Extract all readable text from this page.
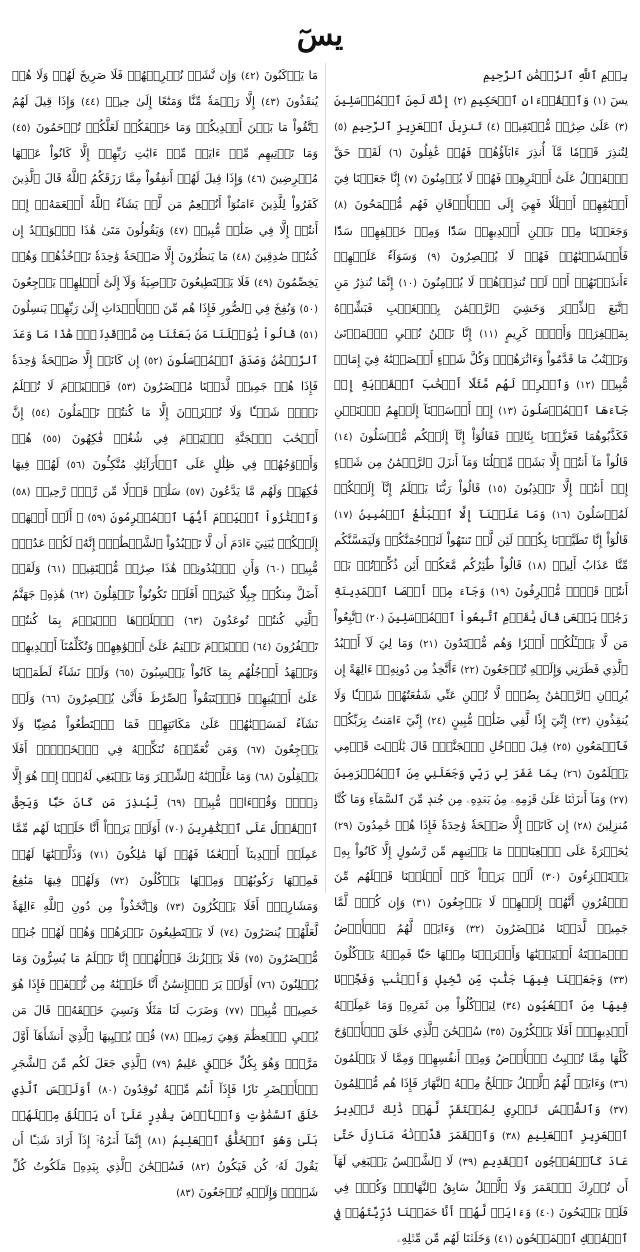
يسٓ
بِسۡمِ ٱللَّهِ ٱلرَّحۡمَٰنِ ٱلرَّحِيمِ
يسٓ (١) وَٱلۡقُرۡءَانِ ٱلۡحَكِيمِ (٢) إِنَّكَ لَمِنَ ٱلۡمُرۡسَلِينَ (٣) عَلَىٰ صِرَٰطٖ مُّسۡتَقِيمٖ (٤) تَنزِيلَ ٱلۡعَزِيزِ ٱلرَّحِيمِ (٥) لِتُنذِرَ قَوۡمٗا مَّآ أُنذِرَ ءَابَآؤُهُمۡ فَهُمۡ غَٰفِلُونَ (٦) لَقَدۡ حَقَّ ٱلۡقَوۡلُ عَلَىٰٓ أَكۡثَرِهِمۡ فَهُمۡ لَا يُؤۡمِنُونَ (٧) إِنَّا جَعَلۡنَا فِيٓ أَعۡنَٰقِهِمۡ أَغۡلَٰلٗا فَهِيَ إِلَى ٱلۡأَذۡقَانِ فَهُم مُّقۡمَحُونَ (٨) وَجَعَلۡنَا مِنۢ بَيۡنِ أَيۡدِيهِمۡ سَدّٗا وَمِنۡ خَلۡفِهِمۡ سَدّٗا فَأَغۡشَيۡنَٰهُمۡ فَهُمۡ لَا يُبۡصِرُونَ (٩) وَسَوَآءٌ عَلَيۡهِمۡ ءَأَنذَرۡتَهُمۡ أَمۡ لَمۡ تُنذِرۡهُمۡ لَا يُؤۡمِنُونَ (١٠) إِنَّمَا تُنذِرُ مَنِ ٱتَّبَعَ ٱلذِّكۡرَ وَخَشِيَ ٱلرَّحۡمَٰنَ بِٱلۡغَيۡبِ فَبَشِّرۡهُ بِمَغۡفِرَةٖ وَأَجۡرٖ كَرِيمٍ (١١) إِنَّا نَحۡنُ نُحۡيِ ٱلۡمَوۡتَىٰ وَنَكۡتُبُ مَا قَدَّمُواْ وَءَاثَٰرَهُمۡۚ وَكُلَّ شَيۡءٍ أَحۡصَيۡنَٰهُ فِيٓ إِمَامٖ مُّبِينٖ (١٢) وَٱضۡرِبۡ لَهُم مَّثَلًا أَصۡحَٰبَ ٱلۡقَرۡيَةِ إِذۡ جَآءَهَا ٱلۡمُرۡسَلُونَ (١٣) إِذۡ أَرۡسَلۡنَآ إِلَيۡهِمُ ٱثۡنَيۡنِ فَكَذَّبُوهُمَا فَعَزَّزۡنَا بِثَالِثٖ فَقَالُوٓاْ إِنَّآ إِلَيۡكُم مُّرۡسَلُونَ (١٤) قَالُواْ مَآ أَنتُمۡ إِلَّا بَشَرٞ مِّثۡلُنَا وَمَآ أَنزَلَ ٱلرَّحۡمَٰنُ مِن شَيۡءٍ إِنۡ أَنتُمۡ إِلَّا تَكۡذِبُونَ (١٥) قَالُواْ رَبُّنَا يَعۡلَمُ إِنَّآ إِلَيۡكُمۡ لَمُرۡسَلُونَ (١٦) وَمَا عَلَيۡنَآ إِلَّا ٱلۡبَلَٰغُ ٱلۡمُبِينُ (١٧) قَالُوٓاْ إِنَّا تَطَيَّرۡنَا بِكُمۡۖ لَئِن لَّمۡ تَنتَهُواْ لَنَرۡجُمَنَّكُمۡ وَلَيَمَسَّنَّكُم مِّنَّا عَذَابٌ أَلِيمٞ (١٨) قَالُواْ طَٰٓئِرُكُم مَّعَكُمۡ أَئِن ذُكِّرۡتُمۚ بَلۡ أَنتُمۡ قَوۡمٞ مُّسۡرِفُونَ (١٩) وَجَآءَ مِنۡ أَقۡصَا ٱلۡمَدِينَةِ رَجُلٞ يَسۡعَىٰ قَالَ يَٰقَوۡمِ ٱتَّبِعُواْ ٱلۡمُرۡسَلِينَ (٢٠) ٱتَّبِعُواْ مَن لَّا يَسۡـَٔلُكُمۡ أَجۡرٗا وَهُم مُّهۡتَدُونَ (٢١) وَمَا لِيَ لَآ أَعۡبُدُ ٱلَّذِي فَطَرَنِي وَإِلَيۡهِ تُرۡجَعُونَ (٢٢) ءَأَتَّخِذُ مِن دُونِهِۦٓ ءَالِهَةً إِن يُرِدۡنِ ٱلرَّحۡمَٰنُ بِضُرّٖ لَّا تُغۡنِ عَنِّي شَفَٰعَتُهُمۡ شَيۡـٔٗا وَلَا يُنقِذُونِ (٢٣) إِنِّيٓ إِذٗا لَّفِي ضَلَٰلٖ مُّبِينٍ (٢٤) إِنِّيٓ ءَامَنتُ بِرَبِّكُمۡ فَٱسۡمَعُونِ (٢٥) قِيلَ ٱدۡخُلِ ٱلۡجَنَّةَۖ قَالَ يَٰلَيۡتَ قَوۡمِي يَعۡلَمُونَ (٢٦) بِمَا غَفَرَ لِي رَبِّي وَجَعَلَنِي مِنَ ٱلۡمُكۡرَمِينَ (٢٧) وَمَآ أَنزَلۡنَا عَلَىٰ قَوۡمِهِۦ مِنۢ بَعۡدِهِۦ مِن جُندٖ مِّنَ ٱلسَّمَآءِ وَمَا كُنَّا مُنزِلِينَ (٢٨) إِن كَانَتۡ إِلَّا صَيۡحَةٗ وَٰحِدَةٗ فَإِذَا هُمۡ خَٰمِدُونَ (٢٩) يَٰحَسۡرَةً عَلَى ٱلۡعِبَادِۚ مَا يَأۡتِيهِم مِّن رَّسُولٍ إِلَّا كَانُواْ بِهِۦ يَسۡتَهۡزِءُونَ (٣٠) أَلَمۡ يَرَوۡاْ كَمۡ أَهۡلَكۡنَا قَبۡلَهُم مِّنَ ٱلۡقُرُونِ أَنَّهُمۡ إِلَيۡهِمۡ لَا يَرۡجِعُونَ (٣١) وَإِن كُلّٞ لَّمَّا جَمِيعٞ لَّدَيۡنَا مُحۡضَرُونَ (٣٢) وَءَايَةٞ لَّهُمُ ٱلۡأَرۡضُ ٱلۡمَيۡتَةُ أَحۡيَيۡنَٰهَا وَأَخۡرَجۡنَا مِنۡهَا حَبّٗا فَمِنۡهُ يَأۡكُلُونَ (٣٣) وَجَعَلۡنَا فِيهَا جَنَّٰتٖ مِّن نَّخِيلٖ وَأَعۡنَٰبٖ وَفَجَّرۡنَا فِيهَا مِنَ ٱلۡعُيُونِ (٣٤) لِيَأۡكُلُواْ مِن ثَمَرِهِۦ وَمَا عَمِلَتۡهُ أَيۡدِيهِمۡۚ أَفَلَا يَشۡكُرُونَ (٣٥) سُبۡحَٰنَ ٱلَّذِي خَلَقَ ٱلۡأَزۡوَٰجَ كُلَّهَا مِمَّا تُنۢبِتُ ٱلۡأَرۡضُ وَمِنۡ أَنفُسِهِمۡ وَمِمَّا لَا يَعۡلَمُونَ (٣٦) وَءَايَةٞ لَّهُمُ ٱلَّيۡلُ نَسۡلَخُ مِنۡهُ ٱلنَّهَارَ فَإِذَا هُم مُّظۡلِمُونَ (٣٧) وَٱلشَّمۡسُ تَجۡرِي لِمُسۡتَقَرّٖ لَّهَاۚ ذَٰلِكَ تَقۡدِيرُ ٱلۡعَزِيزِ ٱلۡعَلِيمِ (٣٨) وَٱلۡقَمَرَ قَدَّرۡنَٰهُ مَنَازِلَ حَتَّىٰ عَادَ كَٱلۡعُرۡجُونِ ٱلۡقَدِيمِ (٣٩) لَا ٱلشَّمۡسُ يَنۢبَغِي لَهَآ أَن تُدۡرِكَ ٱلۡقَمَرَ وَلَا ٱلَّيۡلُ سَابِقُ ٱلنَّهَارِۚ وَكُلّٞ فِي فَلَكٖ يَسۡبَحُونَ (٤٠) وَءَايَةٞ لَّهُمۡ أَنَّا حَمَلۡنَا ذُرِّيَّتَهُمۡ فِي ٱلۡفُلۡكِ ٱلۡمَشۡحُونِ (٤١) وَخَلَقۡنَا لَهُم مِّن مِّثۡلِهِۦ
مَا يَرۡكَبُونَ (٤٢) وَإِن نَّشَأۡ نُغۡرِقۡهُمۡ فَلَا صَرِيخَ لَهُمۡ وَلَا هُمۡ يُنقَذُونَ (٤٣) إِلَّا رَحۡمَةٗ مِّنَّا وَمَتَٰعًا إِلَىٰ حِينٖ (٤٤) وَإِذَا قِيلَ لَهُمُ ٱتَّقُواْ مَا بَيۡنَ أَيۡدِيكُمۡ وَمَا خَلۡفَكُمۡ لَعَلَّكُمۡ تُرۡحَمُونَ (٤٥) وَمَا تَأۡتِيهِم مِّنۡ ءَايَةٖ مِّنۡ ءَايَٰتِ رَبِّهِمۡ إِلَّا كَانُواْ عَنۡهَا مُعۡرِضِينَ (٤٦) وَإِذَا قِيلَ لَهُمۡ أَنفِقُواْ مِمَّا رَزَقَكُمُ ٱللَّهُ قَالَ ٱلَّذِينَ كَفَرُواْ لِلَّذِينَ ءَامَنُوٓاْ أَنُطۡعِمُ مَن لَّوۡ يَشَآءُ ٱللَّهُ أَطۡعَمَهُۥٓ إِنۡ أَنتُمۡ إِلَّا فِي ضَلَٰلٖ مُّبِينٖ (٤٧) وَيَقُولُونَ مَتَىٰ هَٰذَا ٱلۡوَعۡدُ إِن كُنتُمۡ صَٰدِقِينَ (٤٨) مَا يَنظُرُونَ إِلَّا صَيۡحَةٗ وَٰحِدَةٗ تَأۡخُذُهُمۡ وَهُمۡ يَخِصِّمُونَ (٤٩) فَلَا يَسۡتَطِيعُونَ تَوۡصِيَةٗ وَلَآ إِلَىٰٓ أَهۡلِهِمۡ يَرۡجِعُونَ (٥٠) وَنُفِخَ فِي ٱلصُّورِ فَإِذَا هُم مِّنَ ٱلۡأَجۡدَاثِ إِلَىٰ رَبِّهِمۡ يَنسِلُونَ (٥١) قَالُواْ يَٰوَيۡلَنَا مَنۢ بَعَثَنَا مِن مَّرۡقَدِنَاۜۗ هَٰذَا مَا وَعَدَ ٱلرَّحۡمَٰنُ وَصَدَقَ ٱلۡمُرۡسَلُونَ (٥٢) إِن كَانَتۡ إِلَّا صَيۡحَةٗ وَٰحِدَةٗ فَإِذَا هُمۡ جَمِيعٞ لَّدَيۡنَا مُحۡضَرُونَ (٥٣) فَٱلۡيَوۡمَ لَا تُظۡلَمُ نَفۡسٞ شَيۡـٔٗا وَلَا تُجۡزَوۡنَ إِلَّا مَا كُنتُمۡ تَعۡمَلُونَ (٥٤) إِنَّ أَصۡحَٰبَ ٱلۡجَنَّةِ ٱلۡيَوۡمَ فِي شُغُلٖ فَٰكِهُونَ (٥٥) هُمۡ وَأَزۡوَٰجُهُمۡ فِي ظِلَٰلٍ عَلَى ٱلۡأَرَآئِكِ مُتَّكِـُٔونَ (٥٦) لَهُمۡ فِيهَا فَٰكِهَةٞ وَلَهُم مَّا يَدَّعُونَ (٥٧) سَلَٰمٞ قَوۡلٗا مِّن رَّبّٖ رَّحِيمٖ (٥٨) وَٱمۡتَٰزُواْ ٱلۡيَوۡمَ أَيُّهَا ٱلۡمُجۡرِمُونَ (٥٩) ۞ أَلَمۡ أَعۡهَدۡ إِلَيۡكُمۡ يَٰبَنِيٓ ءَادَمَ أَن لَّا تَعۡبُدُواْ ٱلشَّيۡطَٰنَۖ إِنَّهُۥ لَكُمۡ عَدُوّٞ مُّبِينٞ (٦٠) وَأَنِ ٱعۡبُدُونِيۚ هَٰذَا صِرَٰطٞ مُّسۡتَقِيمٞ (٦١) وَلَقَدۡ أَضَلَّ مِنكُمۡ جِبِلّٗا كَثِيرًاۖ أَفَلَمۡ تَكُونُواْ تَعۡقِلُونَ (٦٢) هَٰذِهِۦ جَهَنَّمُ ٱلَّتِي كُنتُمۡ تُوعَدُونَ (٦٣) ٱصۡلَوۡهَا ٱلۡيَوۡمَ بِمَا كُنتُمۡ تَكۡفُرُونَ (٦٤) ٱلۡيَوۡمَ نَخۡتِمُ عَلَىٰٓ أَفۡوَٰهِهِمۡ وَتُكَلِّمُنَآ أَيۡدِيهِمۡ وَتَشۡهَدُ أَرۡجُلُهُم بِمَا كَانُواْ يَكۡسِبُونَ (٦٥) وَلَوۡ نَشَآءُ لَطَمَسۡنَا عَلَىٰٓ أَعۡيُنِهِمۡ فَٱسۡتَبَقُواْ ٱلصِّرَٰطَ فَأَنَّىٰ يُبۡصِرُونَ (٦٦) وَلَوۡ نَشَآءُ لَمَسَخۡنَٰهُمۡ عَلَىٰ مَكَانَتِهِمۡ فَمَا ٱسۡتَطَٰعُواْ مُضِيّٗا وَلَا يَرۡجِعُونَ (٦٧) وَمَن نُّعَمِّرۡهُ نُنَكِّسۡهُ فِي ٱلۡخَلۡقِۚ أَفَلَا يَعۡقِلُونَ (٦٨) وَمَا عَلَّمۡنَٰهُ ٱلشِّعۡرَ وَمَا يَنۢبَغِي لَهُۥٓۚ إِنۡ هُوَ إِلَّا ذِكۡرٞ وَقُرۡءَانٞ مُّبِينٞ (٦٩) لِّيُنذِرَ مَن كَانَ حَيّٗا وَيَحِقَّ ٱلۡقَوۡلُ عَلَى ٱلۡكَٰفِرِينَ (٧٠) أَوَلَمۡ يَرَوۡاْ أَنَّا خَلَقۡنَا لَهُم مِّمَّا عَمِلَتۡ أَيۡدِينَآ أَنۡعَٰمٗا فَهُمۡ لَهَا مَٰلِكُونَ (٧١) وَذَلَّلۡنَٰهَا لَهُمۡ فَمِنۡهَا رَكُوبُهُمۡ وَمِنۡهَا يَأۡكُلُونَ (٧٢) وَلَهُمۡ فِيهَا مَنَٰفِعُ وَمَشَارِبُۚ أَفَلَا يَشۡكُرُونَ (٧٣) وَٱتَّخَذُواْ مِن دُونِ ٱللَّهِ ءَالِهَةٗ لَّعَلَّهُمۡ يُنصَرُونَ (٧٤) لَا يَسۡتَطِيعُونَ نَصۡرَهُمۡ وَهُمۡ لَهُمۡ جُندٞ مُّحۡضَرُونَ (٧٥) فَلَا يَحۡزُنكَ قَوۡلُهُمۡۘ إِنَّا نَعۡلَمُ مَا يُسِرُّونَ وَمَا يُعۡلِنُونَ (٧٦) أَوَلَمۡ يَرَ ٱلۡإِنسَٰنُ أَنَّا خَلَقۡنَٰهُ مِن نُّطۡفَةٖ فَإِذَا هُوَ خَصِيمٞ مُّبِينٞ (٧٧) وَضَرَبَ لَنَا مَثَلٗا وَنَسِيَ خَلۡقَهُۥۖ قَالَ مَن يُحۡيِ ٱلۡعِظَٰمَ وَهِيَ رَمِيمٞ (٧٨) قُلۡ يُحۡيِيهَا ٱلَّذِيٓ أَنشَأَهَآ أَوَّلَ مَرَّةٖۖ وَهُوَ بِكُلِّ خَلۡقٍ عَلِيمٌ (٧٩) ٱلَّذِي جَعَلَ لَكُم مِّنَ ٱلشَّجَرِ ٱلۡأَخۡضَرِ نَارٗا فَإِذَآ أَنتُم مِّنۡهُ تُوقِدُونَ (٨٠) أَوَلَيۡسَ ٱلَّذِي خَلَقَ ٱلسَّمَٰوَٰتِ وَٱلۡأَرۡضَ بِقَٰدِرٍ عَلَىٰٓ أَن يَخۡلُقَ مِثۡلَهُمۚ بَلَىٰ وَهُوَ ٱلۡخَلَّٰقُ ٱلۡعَلِيمُ (٨١) إِنَّمَآ أَمۡرُهُۥٓ إِذَآ أَرَادَ شَيۡـًٔا أَن يَقُولَ لَهُۥ كُن فَيَكُونُ (٨٢) فَسُبۡحَٰنَ ٱلَّذِي بِيَدِهِۦ مَلَكُوتُ كُلِّ شَيۡءٖ وَإِلَيۡهِ تُرۡجَعُونَ (٨٣)
